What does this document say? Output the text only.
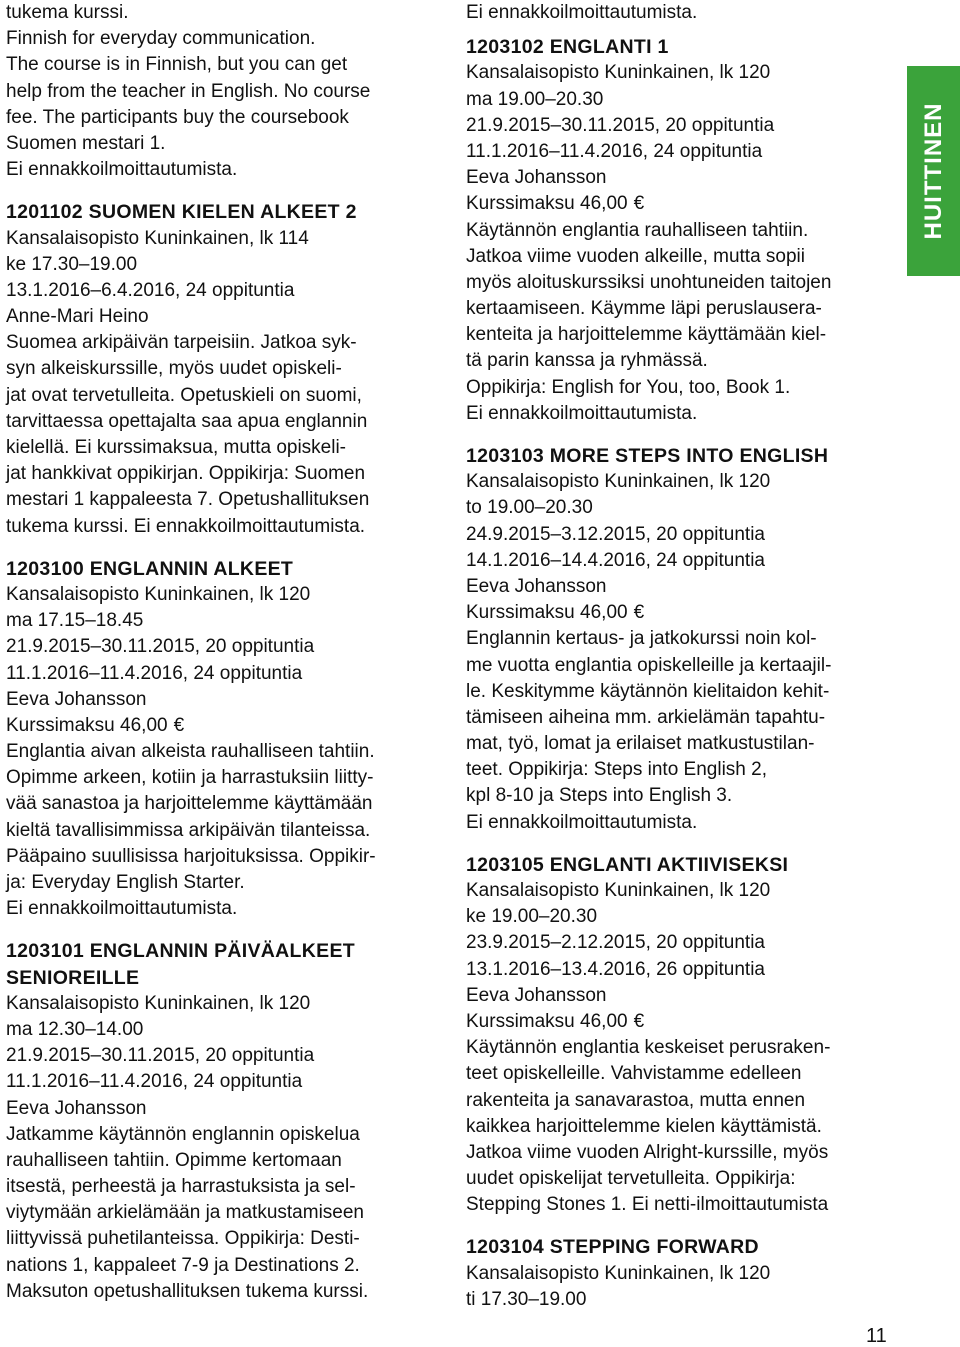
tukema kurssi.
Finnish for everyday communication.
The course is in Finnish, but you can get
help from the teacher in English. No course
fee. The participants buy the coursebook
Suomen mestari 1.
Ei ennakkoilmoittautumista.
1201102 SUOMEN KIELEN ALKEET 2
Kansalaisopisto Kuninkainen, lk 114
ke 17.30–19.00
13.1.2016–6.4.2016, 24 oppituntia
Anne-Mari Heino
Suomea arkipäivän tarpeisiin. Jatkoa syk-
syn alkeiskurssille, myös uudet opiskeli-
jat ovat tervetulleita. Opetuskieli on suomi,
tarvittaessa opettajalta saa apua englannin
kielellä. Ei kurssimaksua, mutta opiskeli-
jat hankkivat oppikirjan. Oppikirja: Suomen
mestari 1 kappaleesta 7. Opetushallituksen
tukema kurssi. Ei ennakkoilmoittautumista.
1203100 ENGLANNIN ALKEET
Kansalaisopisto Kuninkainen, lk 120
ma 17.15–18.45
21.9.2015–30.11.2015, 20 oppituntia
11.1.2016–11.4.2016, 24 oppituntia
Eeva Johansson
Kurssimaksu 46,00 €
Englantia aivan alkeista rauhalliseen tahtiin.
Opimme arkeen, kotiin ja harrastuksiin liitty-
vää sanastoa ja harjoittelemme käyttämään
kieltä tavallisimmissa arkipäivän tilanteissa.
Pääpaino suullisissa harjoituksissa. Oppikir-
ja: Everyday English Starter.
Ei ennakkoilmoittautumista.
1203101 ENGLANNIN PÄIVÄALKEET
SENIOREILLE
Kansalaisopisto Kuninkainen, lk 120
ma 12.30–14.00
21.9.2015–30.11.2015, 20 oppituntia
11.1.2016–11.4.2016, 24 oppituntia
Eeva Johansson
Jatkamme käytännön englannin opiskelua
rauhalliseen tahtiin. Opimme kertomaan
itsestä, perheestä ja harrastuksista ja sel-
viytymään arkielämään ja matkustamiseen
liittyvissä puhetilanteissa. Oppikirja: Desti-
nations 1, kappaleet 7-9 ja Destinations 2.
Maksuton opetushallituksen tukema kurssi.
Ei ennakkoilmoittautumista.
1203102 ENGLANTI 1
Kansalaisopisto Kuninkainen, lk 120
ma 19.00–20.30
21.9.2015–30.11.2015, 20 oppituntia
11.1.2016–11.4.2016, 24 oppituntia
Eeva Johansson
Kurssimaksu 46,00 €
Käytännön englantia rauhalliseen tahtiin.
Jatkoa viime vuoden alkeille, mutta sopii
myös aloituskurssiksi unohtuneiden taitojen
kertaamiseen. Käymme läpi peruslausera-
kenteita ja harjoittelemme käyttämään kiel-
tä parin kanssa ja ryhmässä.
Oppikirja: English for You, too, Book 1.
Ei ennakkoilmoittautumista.
1203103 MORE STEPS INTO ENGLISH
Kansalaisopisto Kuninkainen, lk 120
to 19.00–20.30
24.9.2015–3.12.2015, 20 oppituntia
14.1.2016–14.4.2016, 24 oppituntia
Eeva Johansson
Kurssimaksu 46,00 €
Englannin kertaus- ja jatkokurssi noin kol-
me vuotta englantia opiskelleille ja kertaajil-
le. Keskitymme käytännön kielitaidon kehit-
tämiseen aiheina mm. arkielämän tapahtu-
mat, työ, lomat ja erilaiset matkustustilan-
teet. Oppikirja: Steps into English 2,
kpl 8-10 ja Steps into English 3.
Ei ennakkoilmoittautumista.
1203105 ENGLANTI AKTIIVISEKSI
Kansalaisopisto Kuninkainen, lk 120
ke 19.00–20.30
23.9.2015–2.12.2015, 20 oppituntia
13.1.2016–13.4.2016, 26 oppituntia
Eeva Johansson
Kurssimaksu 46,00 €
Käytännön englantia keskeiset perusraken-
teet opiskelleille. Vahvistamme edelleen
rakenteita ja sanavarastoa, mutta ennen
kaikkea harjoittelemme kielen käyttämistä.
Jatkoa viime vuoden Alright-kurssille, myös
uudet opiskelijat tervetulleita. Oppikirja:
Stepping Stones 1. Ei netti-ilmoittautumista
1203104 STEPPING FORWARD
Kansalaisopisto Kuninkainen, lk 120
ti 17.30–19.00
HUITTINEN
11
